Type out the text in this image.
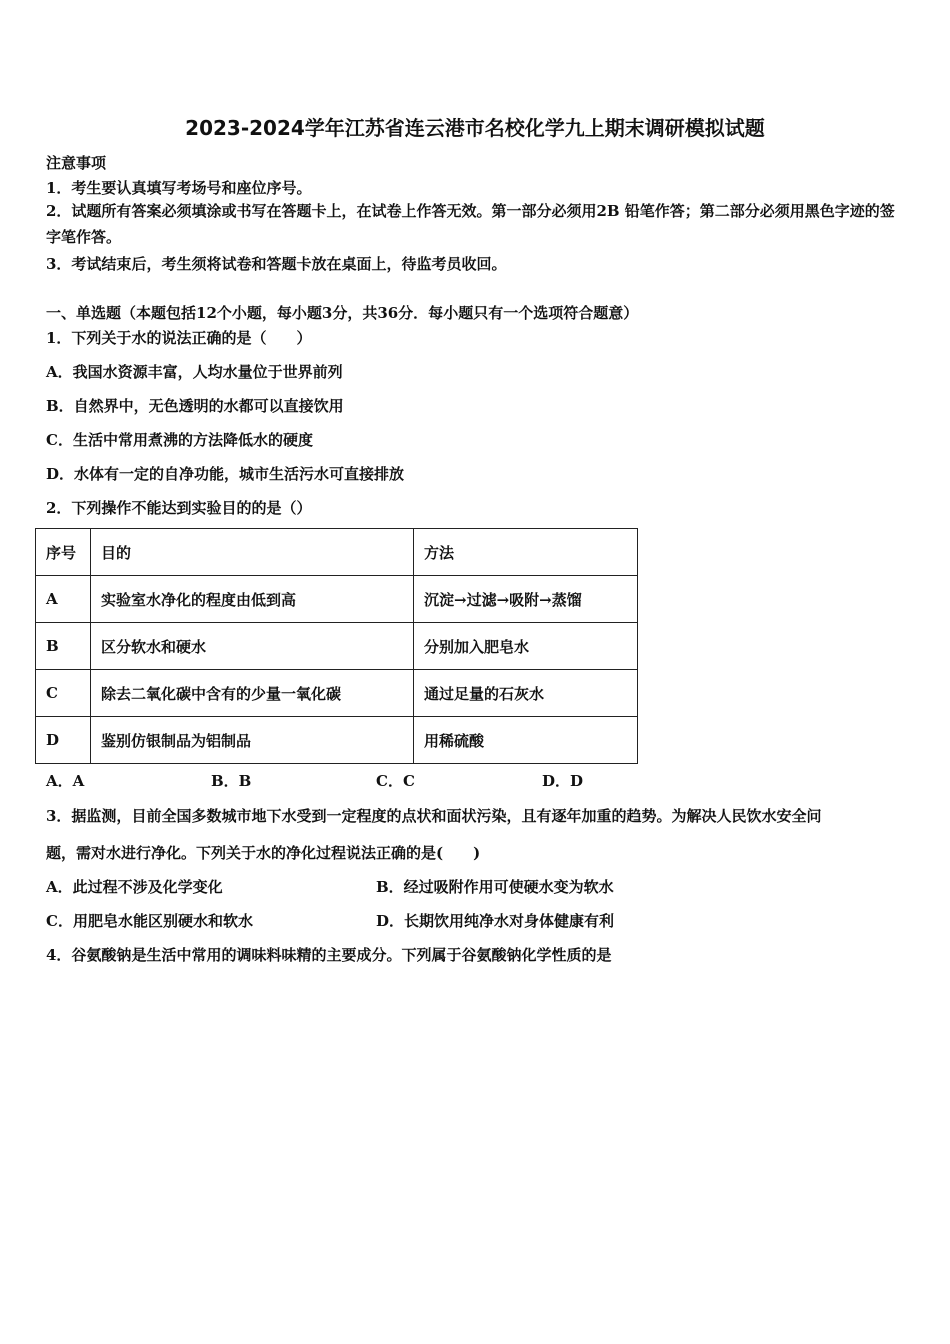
2023-2024学年江苏省连云港市名校化学九上期末调研模拟试题
注意事项
1．考生要认真填写考场号和座位序号。
2．试题所有答案必须填涂或书写在答题卡上，在试卷上作答无效。第一部分必须用2B 铅笔作答；第二部分必须用黑色字迹的签字笔作答。
3．考试结束后，考生须将试卷和答题卡放在桌面上，待监考员收回。
一、单选题（本题包括12个小题，每小题3分，共36分．每小题只有一个选项符合题意）
1．下列关于水的说法正确的是（　　）
A．我国水资源丰富，人均水量位于世界前列
B．自然界中，无色透明的水都可以直接饮用
C．生活中常用煮沸的方法降低水的硬度
D．水体有一定的自净功能，城市生活污水可直接排放
2．下列操作不能达到实验目的的是（）
序号	目的	方法
A	实验室水净化的程度由低到高	沉淀→过滤→吸附→蒸馏
B	区分软水和硬水	分别加入肥皂水
C	除去二氧化碳中含有的少量一氧化碳	通过足量的石灰水
D	鉴别仿银制品为铝制品	用稀硫酸
A．A	B．B	C．C	D．D
3．据监测，目前全国多数城市地下水受到一定程度的点状和面状污染，且有逐年加重的趋势。为解决人民饮水安全问
题，需对水进行净化。下列关于水的净化过程说法正确的是(　　)
A．此过程不涉及化学变化	B．经过吸附作用可使硬水变为软水
C．用肥皂水能区别硬水和软水	D．长期饮用纯净水对身体健康有利
4．谷氨酸钠是生活中常用的调味料味精的主要成分。下列属于谷氨酸钠化学性质的是
